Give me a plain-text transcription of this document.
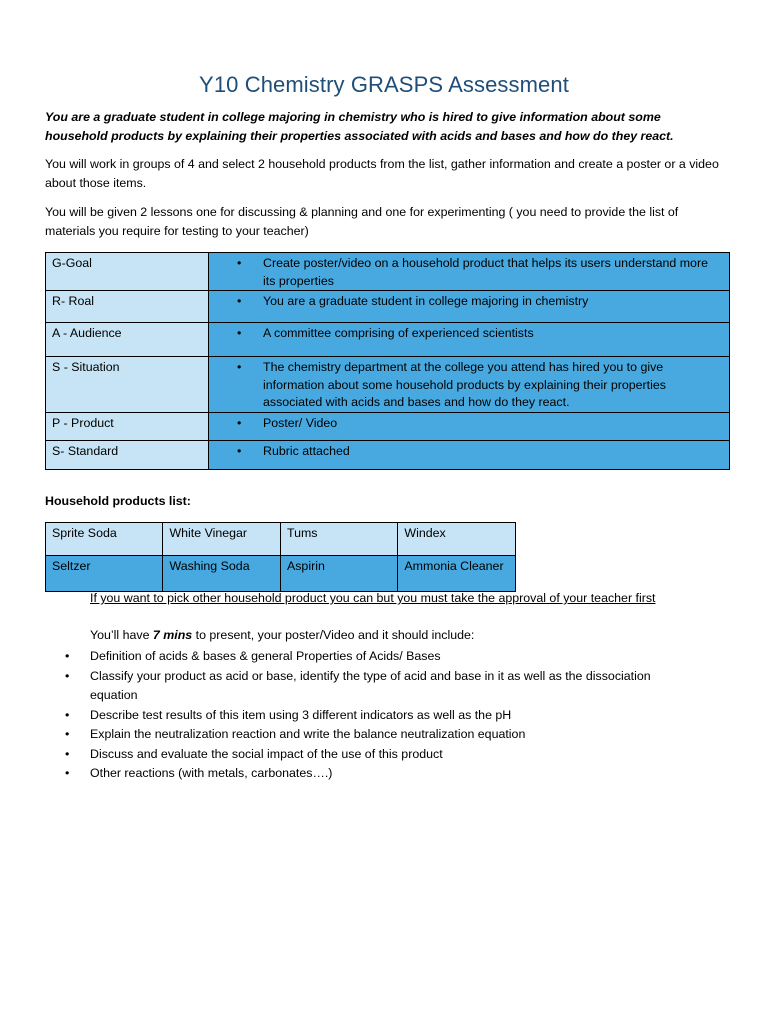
Y10 Chemistry GRASPS Assessment
You are a graduate student in college majoring in chemistry who is hired to give information about some household products by explaining their properties associated with acids and bases and how do they react.
You will work in groups of 4 and select 2 household products from the list, gather information and create a poster or a video about those items.
You will be given 2 lessons one for discussing & planning and one for experimenting ( you need to provide the list of materials you require for testing to your teacher)
G-Goal	• Create poster/video on a household product that helps its users understand more its properties

R- Roal	• You are a graduate student in college majoring in chemistry

A - Audience	• A committee comprising of experienced scientists

S - Situation	• The chemistry department at the college you attend has hired you to give information about some household products by explaining their properties associated with acids and bases and how do they react.

P - Product	• Poster/ Video

S- Standard	• Rubric attached
Household products list:
Sprite Soda	White Vinegar	Tums	Windex
Seltzer	Washing Soda	Aspirin	Ammonia Cleaner
If you want to pick other household product you can but you must take the approval of your teacher first
You’ll have 7 mins to present, your poster/Video and it should include:
• Definition of acids & bases & general Properties of Acids/ Bases
• Classify your product as acid or base, identify the type of acid and base in it as well as the dissociation equation
• Describe test results of this item using 3 different indicators as well as the pH
• Explain the neutralization reaction and write the balance neutralization equation
• Discuss and evaluate the social impact of the use of this product
• Other reactions (with metals, carbonates….)
